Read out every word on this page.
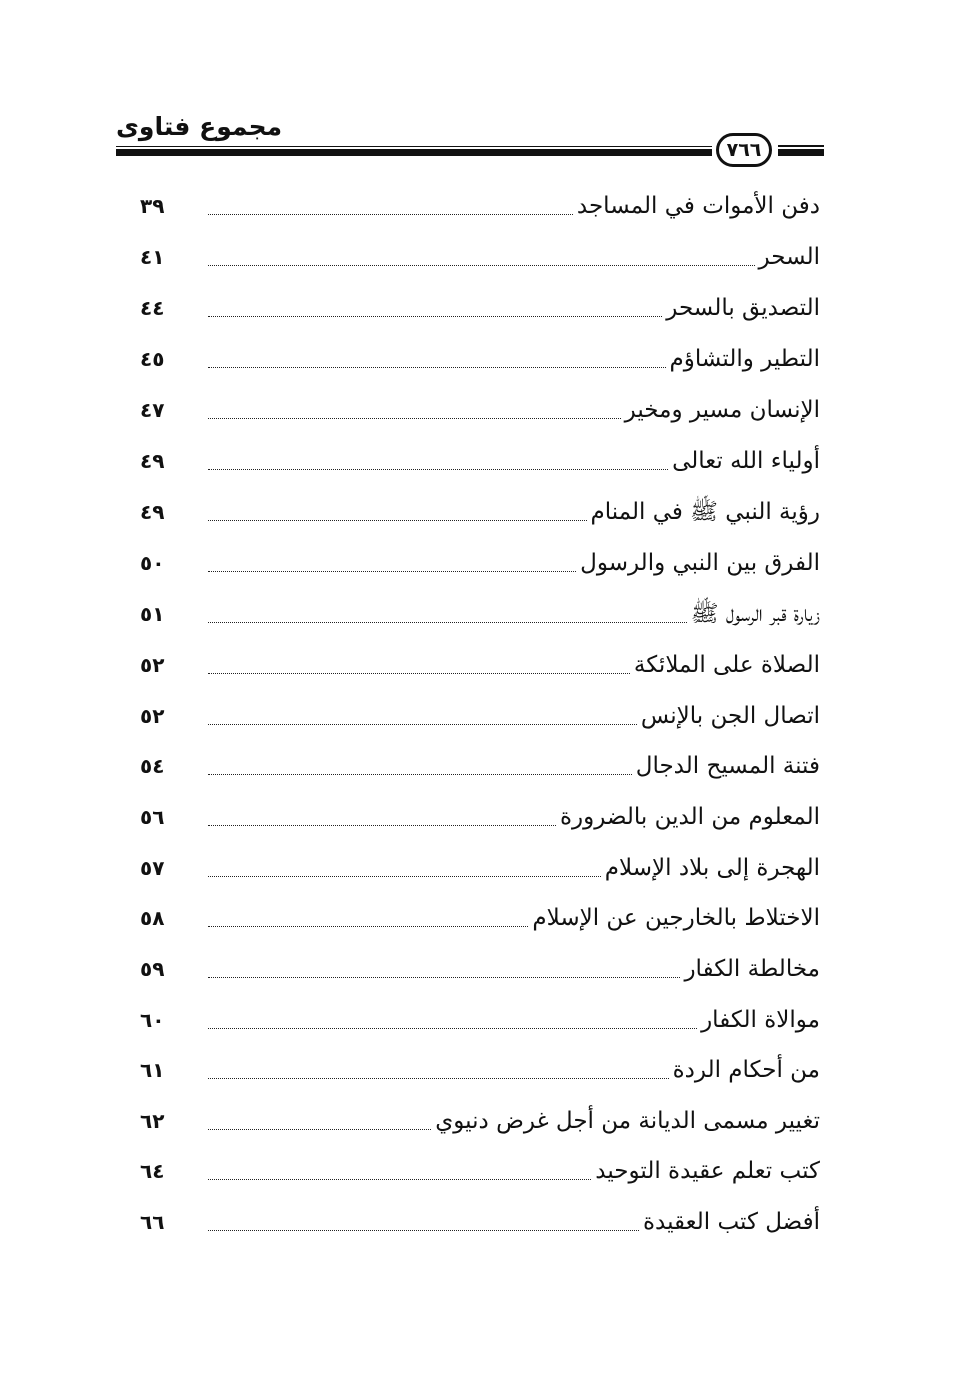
مجموع فتاوى
٧٦٦
دفن الأموات في المساجد
٣٩
السحر
٤١
التصديق بالسحر
٤٤
التطير والتشاؤم
٤٥
الإنسان مسير ومخير
٤٧
أولياء الله تعالى
٤٩
رؤية النبي ﷺ في المنام
٤٩
الفرق بين النبي والرسول
٥٠
زيارة قبر الرسول ﷺ
٥١
الصلاة على الملائكة
٥٢
اتصال الجن بالإنس
٥٢
فتنة المسيح الدجال
٥٤
المعلوم من الدين بالضرورة
٥٦
الهجرة إلى بلاد الإسلام
٥٧
الاختلاط بالخارجين عن الإسلام
٥٨
مخالطة الكفار
٥٩
موالاة الكفار
٦٠
من أحكام الردة
٦١
تغيير مسمى الديانة من أجل غرض دنيوي
٦٢
كتب تعلم عقيدة التوحيد
٦٤
أفضل كتب العقيدة
٦٦
